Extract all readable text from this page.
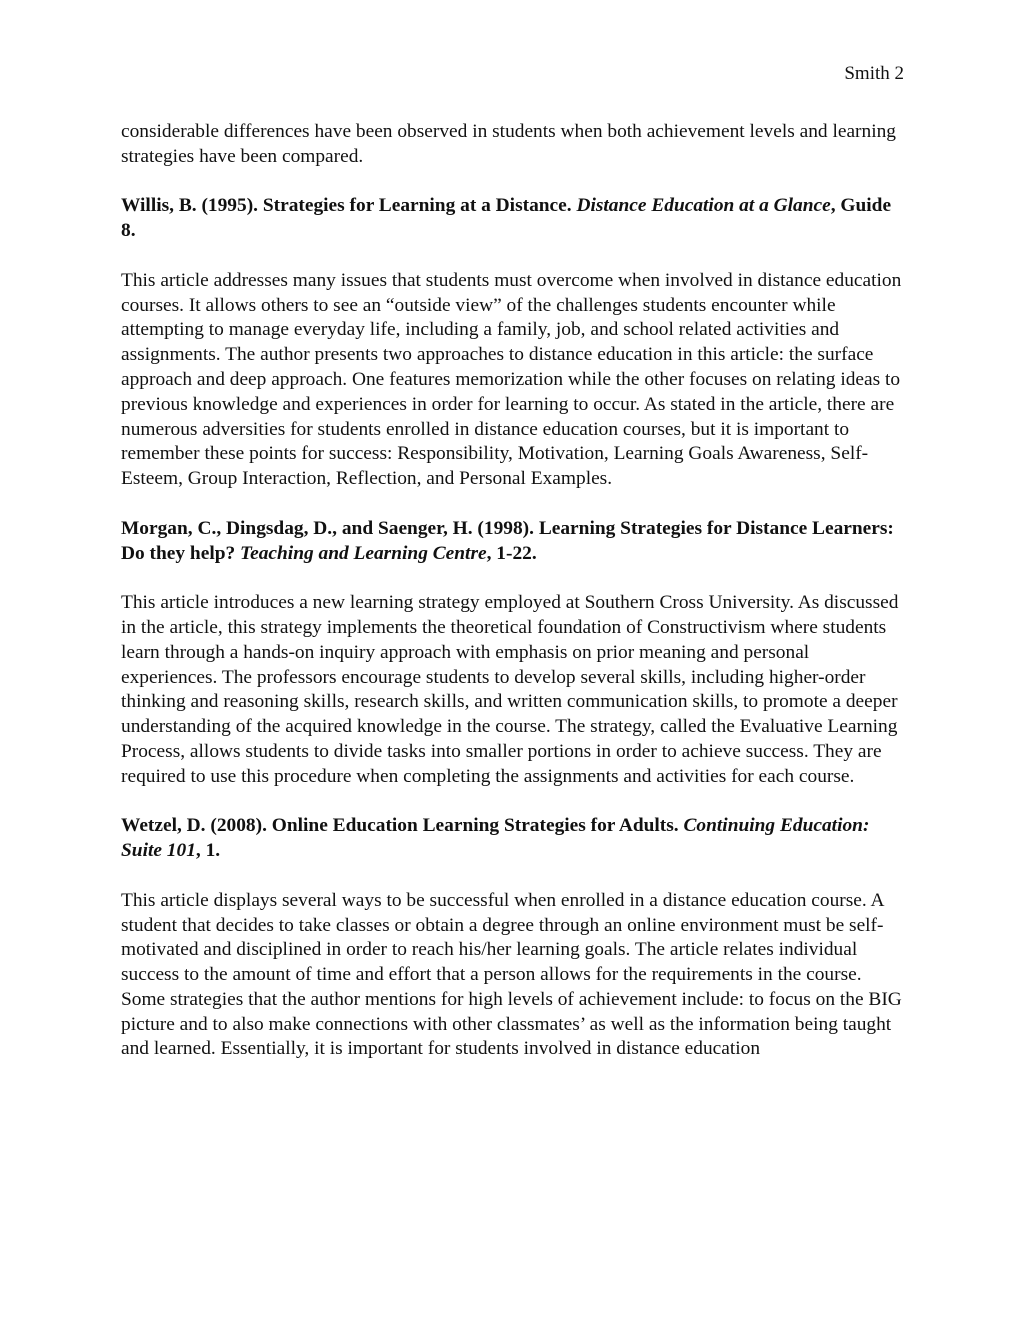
Smith 2

considerable differences have been observed in students when both achievement levels and learning strategies have been compared.

Willis, B. (1995). Strategies for Learning at a Distance. Distance Education at a Glance, Guide 8.

This article addresses many issues that students must overcome when involved in distance education courses. It allows others to see an “outside view” of the challenges students encounter while attempting to manage everyday life, including a family, job, and school related activities and assignments. The author presents two approaches to distance education in this article: the surface approach and deep approach. One features memorization while the other focuses on relating ideas to previous knowledge and experiences in order for learning to occur. As stated in the article, there are numerous adversities for students enrolled in distance education courses, but it is important to remember these points for success: Responsibility, Motivation, Learning Goals Awareness, Self-Esteem, Group Interaction, Reflection, and Personal Examples.

Morgan, C., Dingsdag, D., and Saenger, H. (1998). Learning Strategies for Distance Learners: Do they help? Teaching and Learning Centre, 1-22.

This article introduces a new learning strategy employed at Southern Cross University. As discussed in the article, this strategy implements the theoretical foundation of Constructivism where students learn through a hands-on inquiry approach with emphasis on prior meaning and personal experiences. The professors encourage students to develop several skills, including higher-order thinking and reasoning skills, research skills, and written communication skills, to promote a deeper understanding of the acquired knowledge in the course. The strategy, called the Evaluative Learning Process, allows students to divide tasks into smaller portions in order to achieve success. They are required to use this procedure when completing the assignments and activities for each course.

Wetzel, D. (2008). Online Education Learning Strategies for Adults. Continuing Education: Suite 101, 1.

This article displays several ways to be successful when enrolled in a distance education course. A student that decides to take classes or obtain a degree through an online environment must be self-motivated and disciplined in order to reach his/her learning goals. The article relates individual success to the amount of time and effort that a person allows for the requirements in the course. Some strategies that the author mentions for high levels of achievement include: to focus on the BIG picture and to also make connections with other classmates’ as well as the information being taught and learned. Essentially, it is important for students involved in distance education
